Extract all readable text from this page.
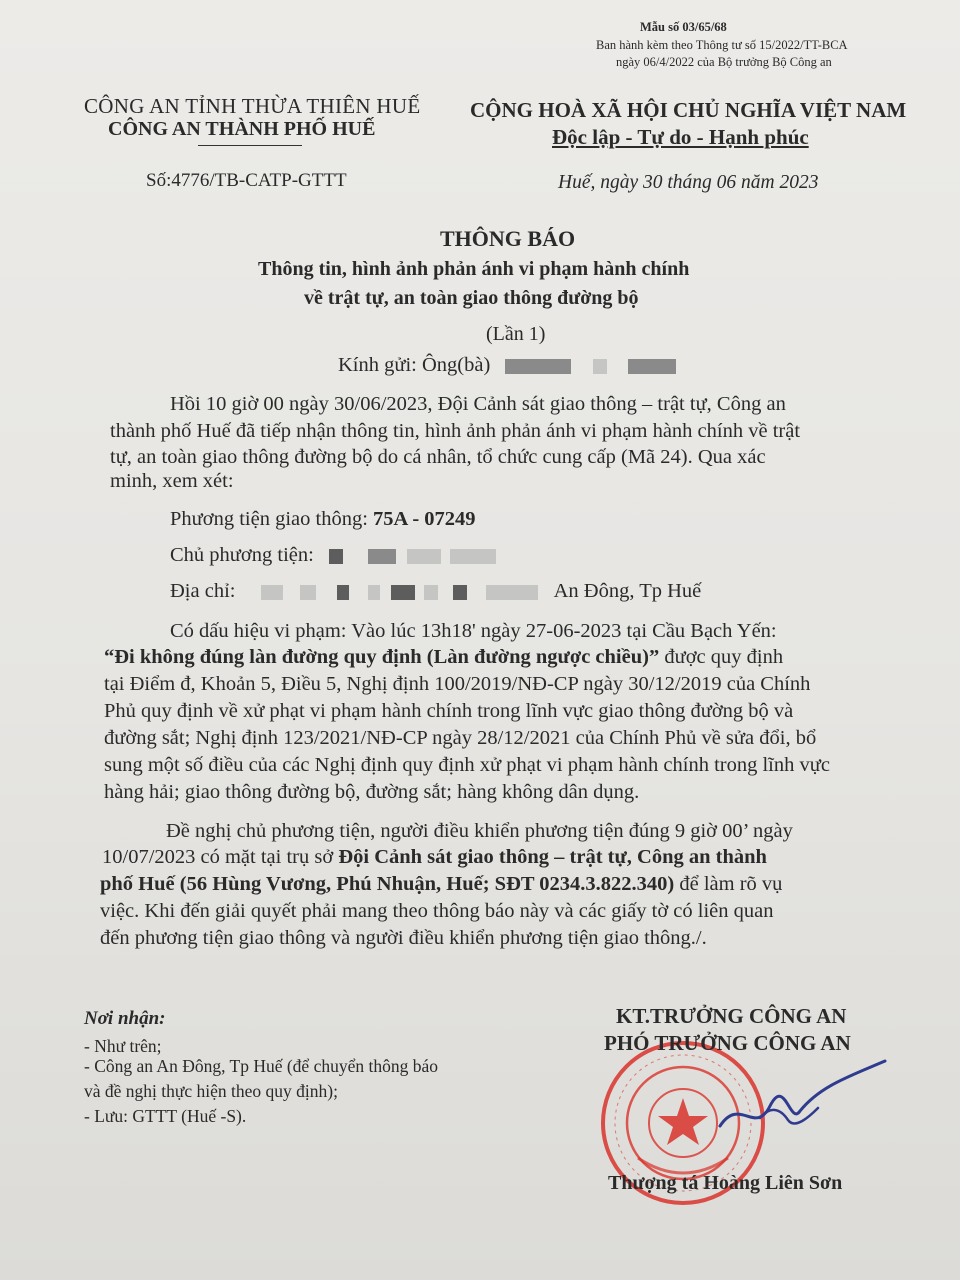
Mẫu số 03/65/68
Ban hành kèm theo Thông tư số 15/2022/TT-BCA
ngày 06/4/2022 của Bộ trưởng Bộ Công an
CÔNG AN TỈNH THỪA THIÊN HUẾ
CÔNG AN THÀNH PHỐ HUẾ
Số:4776/TB-CATP-GTTT
CỘNG HOÀ XÃ HỘI CHỦ NGHĨA VIỆT NAM
Độc lập - Tự do - Hạnh phúc
Huế, ngày 30 tháng 06 năm 2023
THÔNG BÁO
Thông tin, hình ảnh phản ánh vi phạm hành chính
về trật tự, an toàn giao thông đường bộ
(Lần 1)
Kính gửi: Ông(bà)
Hồi 10 giờ 00 ngày 30/06/2023, Đội Cảnh sát giao thông – trật tự, Công an
thành phố Huế đã tiếp nhận thông tin, hình ảnh phản ánh vi phạm hành chính về trật
tự, an toàn giao thông đường bộ do cá nhân, tổ chức cung cấp (Mã 24). Qua xác
minh, xem xét:
Phương tiện giao thông: 75A - 07249
Chủ phương tiện:
Địa chỉ:	An Đông, Tp Huế
Có dấu hiệu vi phạm: Vào lúc 13h18' ngày 27-06-2023 tại Cầu Bạch Yến:
“Đi không đúng làn đường quy định (Làn đường ngược chiều)” được quy định
tại Điểm đ, Khoản 5, Điều 5, Nghị định 100/2019/NĐ-CP ngày 30/12/2019 của Chính
Phủ quy định về xử phạt vi phạm hành chính trong lĩnh vực giao thông đường bộ và
đường sắt; Nghị định 123/2021/NĐ-CP ngày 28/12/2021 của Chính Phủ về sửa đổi, bổ
sung một số điều của các Nghị định quy định xử phạt vi phạm hành chính trong lĩnh vực
hàng hải; giao thông đường bộ, đường sắt; hàng không dân dụng.
Đề nghị chủ phương tiện, người điều khiển phương tiện đúng 9 giờ 00’ ngày
10/07/2023 có mặt tại trụ sở Đội Cảnh sát giao thông – trật tự, Công an thành
phố Huế (56 Hùng Vương, Phú Nhuận, Huế; SĐT 0234.3.822.340) để làm rõ vụ
việc. Khi đến giải quyết phải mang theo thông báo này và các giấy tờ có liên quan
đến phương tiện giao thông và người điều khiển phương tiện giao thông./.
Nơi nhận:
- Như trên;
- Công an An Đông, Tp Huế (để chuyển thông báo
và đề nghị thực hiện theo quy định);
- Lưu: GTTT (Huế -S).
KT.TRƯỞNG CÔNG AN
PHÓ TRƯỞNG CÔNG AN
Thượng tá Hoàng Liên Sơn
